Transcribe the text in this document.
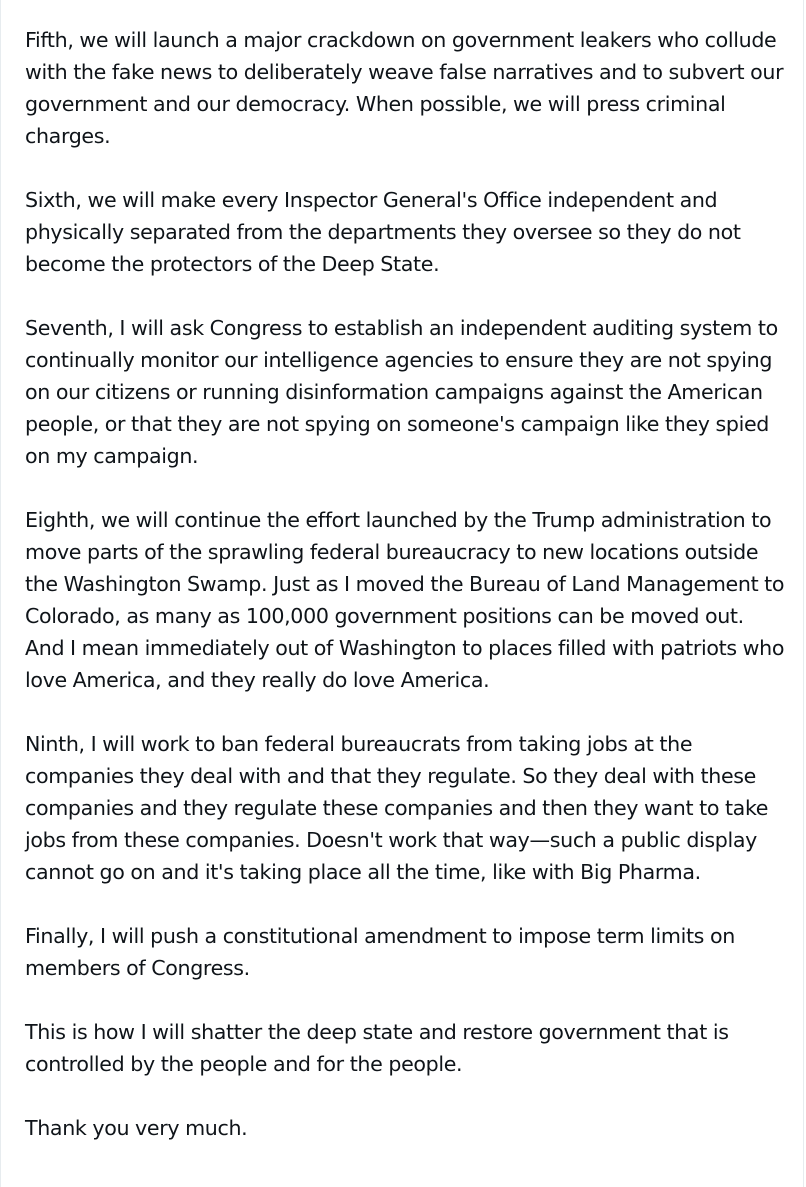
Fifth, we will launch a major crackdown on government leakers who collude with the fake news to deliberately weave false narratives and to subvert our government and our democracy. When possible, we will press criminal charges.

Sixth, we will make every Inspector General's Office independent and physically separated from the departments they oversee so they do not become the protectors of the Deep State.

Seventh, I will ask Congress to establish an independent auditing system to continually monitor our intelligence agencies to ensure they are not spying on our citizens or running disinformation campaigns against the American people, or that they are not spying on someone's campaign like they spied on my campaign.

Eighth, we will continue the effort launched by the Trump administration to move parts of the sprawling federal bureaucracy to new locations outside the Washington Swamp. Just as I moved the Bureau of Land Management to Colorado, as many as 100,000 government positions can be moved out. And I mean immediately out of Washington to places filled with patriots who love America, and they really do love America.

Ninth, I will work to ban federal bureaucrats from taking jobs at the companies they deal with and that they regulate. So they deal with these companies and they regulate these companies and then they want to take jobs from these companies. Doesn't work that way—such a public display cannot go on and it's taking place all the time, like with Big Pharma.

Finally, I will push a constitutional amendment to impose term limits on members of Congress.

This is how I will shatter the deep state and restore government that is controlled by the people and for the people.

Thank you very much.
